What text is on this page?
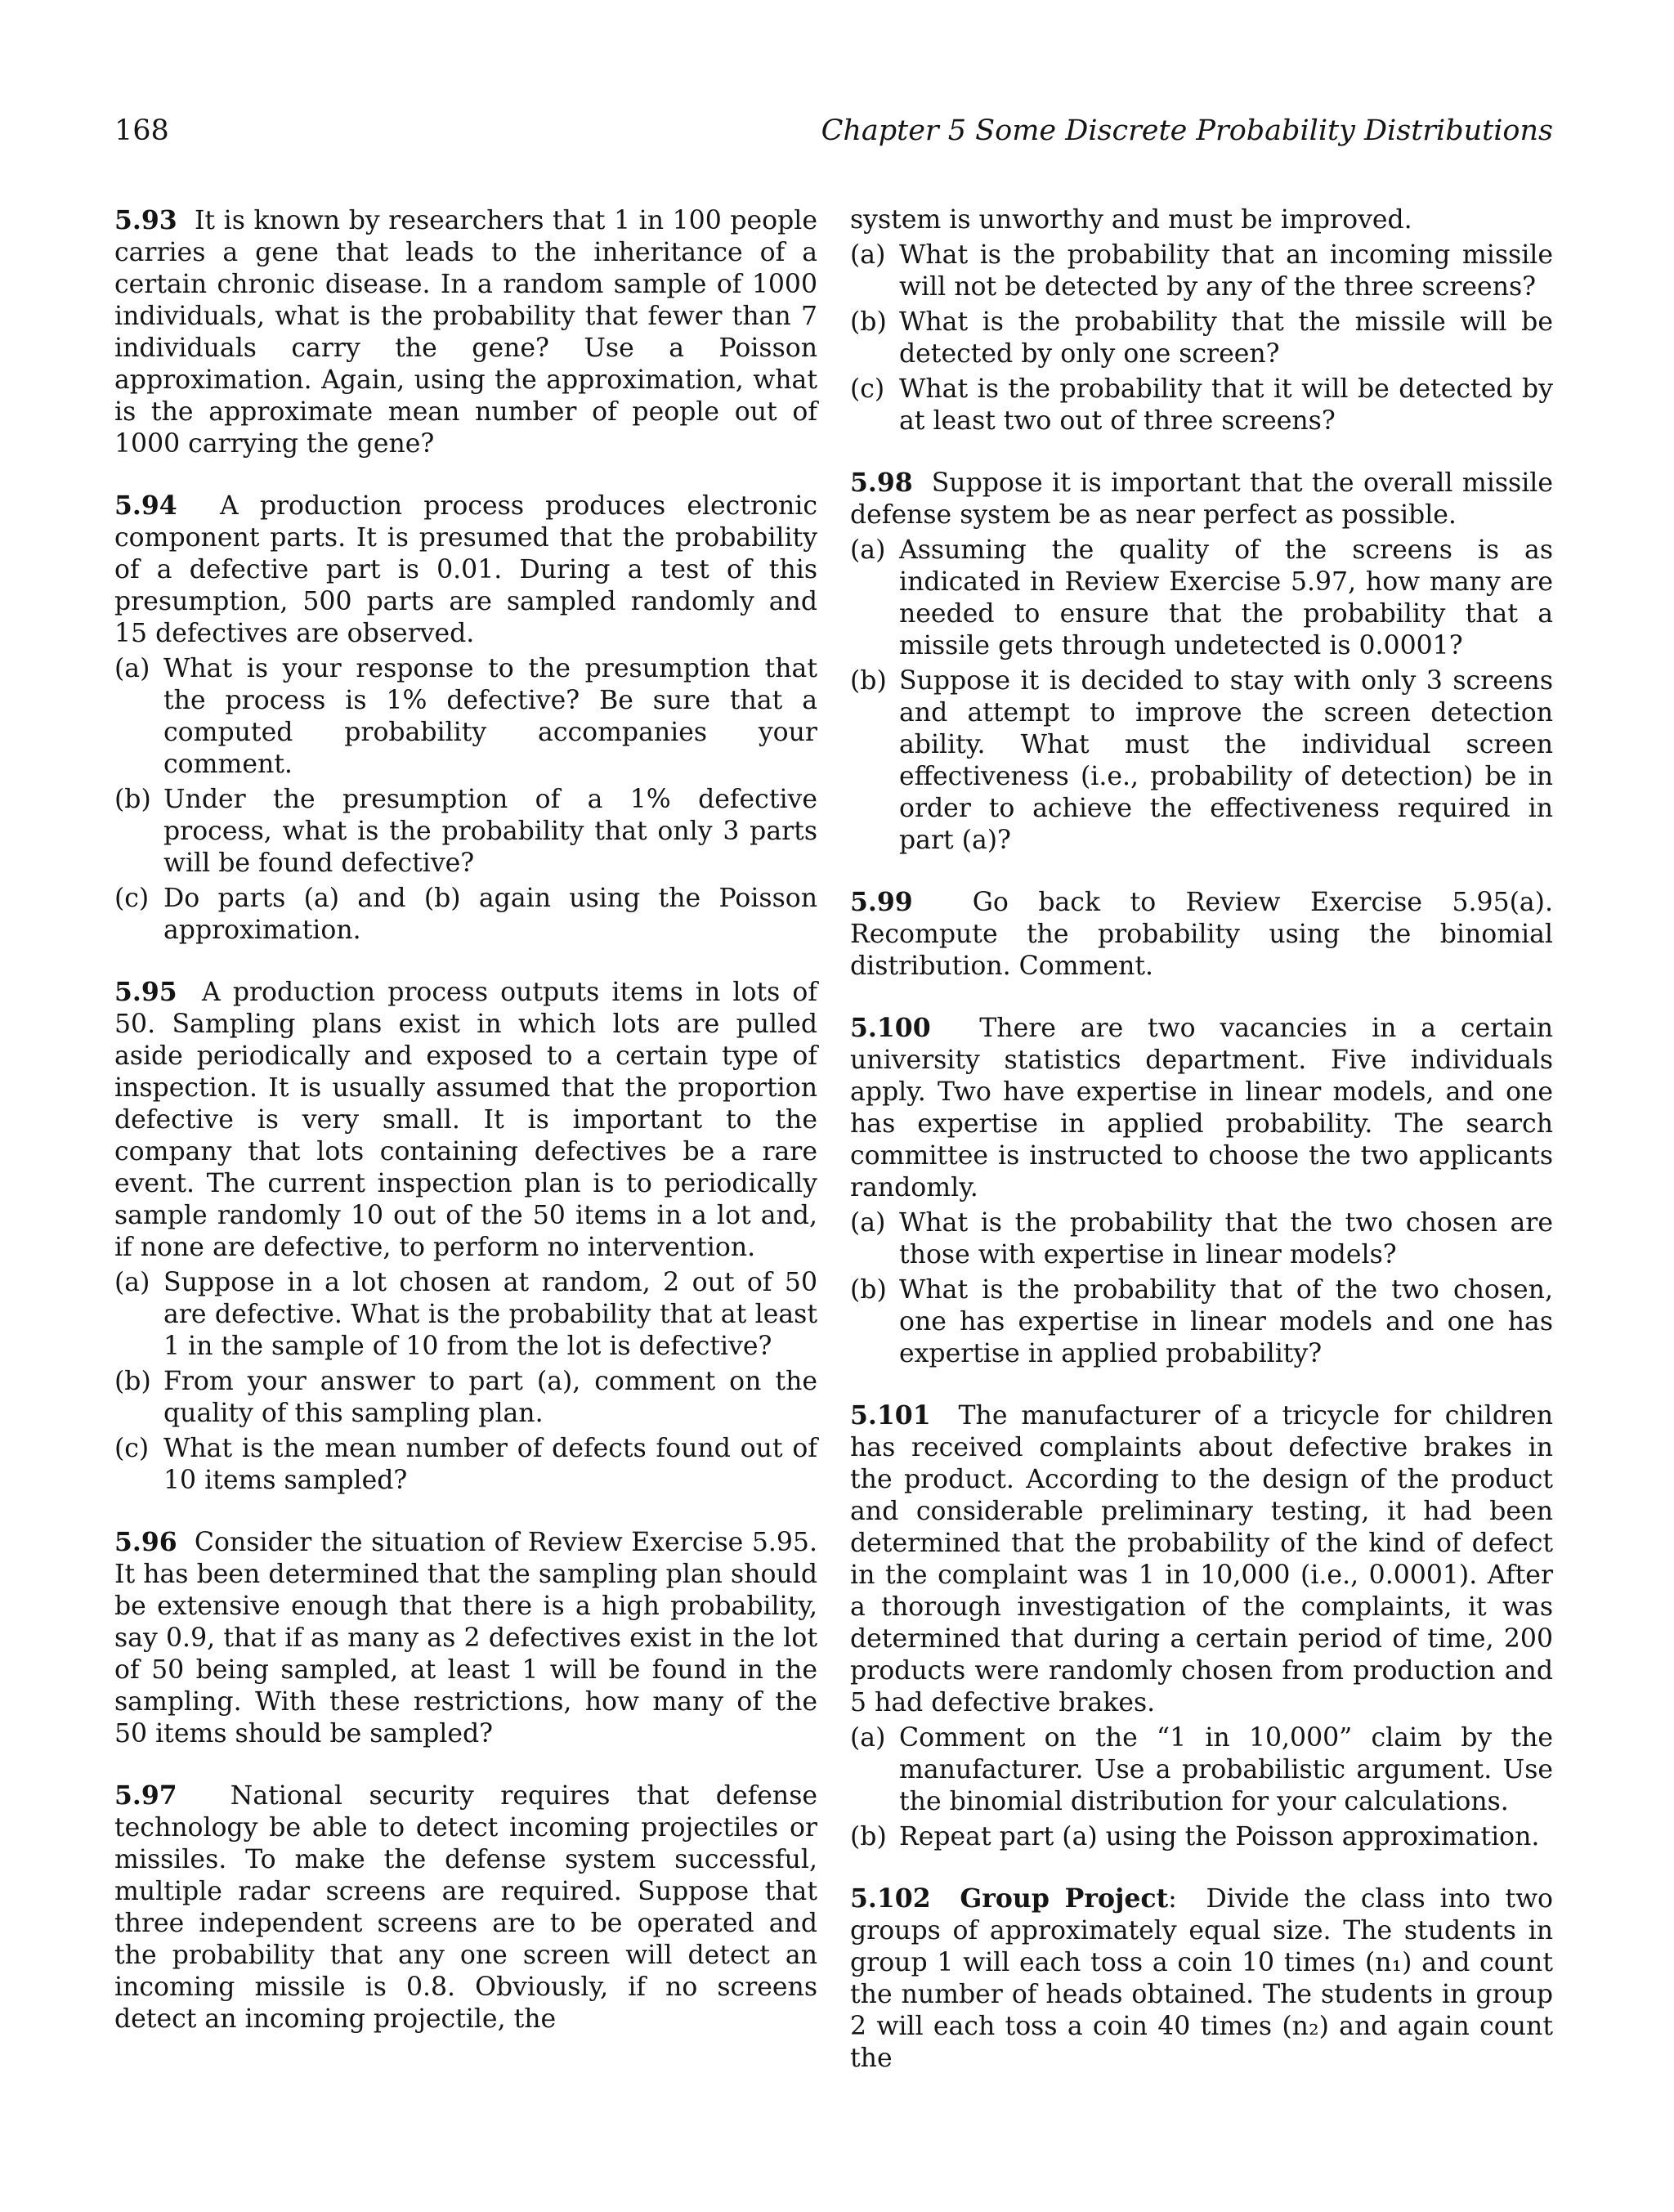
168	Chapter 5 Some Discrete Probability Distributions

5.93 It is known by researchers that 1 in 100 people carries a gene that leads to the inheritance of a certain chronic disease. In a random sample of 1000 individuals, what is the probability that fewer than 7 individuals carry the gene? Use a Poisson approximation. Again, using the approximation, what is the approximate mean number of people out of 1000 carrying the gene?

5.94 A production process produces electronic component parts. It is presumed that the probability of a defective part is 0.01. During a test of this presumption, 500 parts are sampled randomly and 15 defectives are observed.

(a) What is your response to the presumption that the process is 1% defective? Be sure that a computed probability accompanies your comment.
(b) Under the presumption of a 1% defective process, what is the probability that only 3 parts will be found defective?
(c) Do parts (a) and (b) again using the Poisson approximation.

5.95 A production process outputs items in lots of 50. Sampling plans exist in which lots are pulled aside periodically and exposed to a certain type of inspection. It is usually assumed that the proportion defective is very small. It is important to the company that lots containing defectives be a rare event. The current inspection plan is to periodically sample randomly 10 out of the 50 items in a lot and, if none are defective, to perform no intervention.

(a) Suppose in a lot chosen at random, 2 out of 50 are defective. What is the probability that at least 1 in the sample of 10 from the lot is defective?
(b) From your answer to part (a), comment on the quality of this sampling plan.
(c) What is the mean number of defects found out of 10 items sampled?

5.96 Consider the situation of Review Exercise 5.95. It has been determined that the sampling plan should be extensive enough that there is a high probability, say 0.9, that if as many as 2 defectives exist in the lot of 50 being sampled, at least 1 will be found in the sampling. With these restrictions, how many of the 50 items should be sampled?

5.97 National security requires that defense technology be able to detect incoming projectiles or missiles. To make the defense system successful, multiple radar screens are required. Suppose that three independent screens are to be operated and the probability that any one screen will detect an incoming missile is 0.8. Obviously, if no screens detect an incoming projectile, the

system is unworthy and must be improved.

(a) What is the probability that an incoming missile will not be detected by any of the three screens?
(b) What is the probability that the missile will be detected by only one screen?
(c) What is the probability that it will be detected by at least two out of three screens?

5.98 Suppose it is important that the overall missile defense system be as near perfect as possible.

(a) Assuming the quality of the screens is as indicated in Review Exercise 5.97, how many are needed to ensure that the probability that a missile gets through undetected is 0.0001?
(b) Suppose it is decided to stay with only 3 screens and attempt to improve the screen detection ability. What must the individual screen effectiveness (i.e., probability of detection) be in order to achieve the effectiveness required in part (a)?

5.99 Go back to Review Exercise 5.95(a). Recompute the probability using the binomial distribution. Comment.

5.100 There are two vacancies in a certain university statistics department. Five individuals apply. Two have expertise in linear models, and one has expertise in applied probability. The search committee is instructed to choose the two applicants randomly.

(a) What is the probability that the two chosen are those with expertise in linear models?
(b) What is the probability that of the two chosen, one has expertise in linear models and one has expertise in applied probability?

5.101 The manufacturer of a tricycle for children has received complaints about defective brakes in the product. According to the design of the product and considerable preliminary testing, it had been determined that the probability of the kind of defect in the complaint was 1 in 10,000 (i.e., 0.0001). After a thorough investigation of the complaints, it was determined that during a certain period of time, 200 products were randomly chosen from production and 5 had defective brakes.

(a) Comment on the “1 in 10,000” claim by the manufacturer. Use a probabilistic argument. Use the binomial distribution for your calculations.
(b) Repeat part (a) using the Poisson approximation.

5.102 Group Project:  Divide the class into two groups of approximately equal size. The students in group 1 will each toss a coin 10 times (n₁) and count the number of heads obtained. The students in group 2 will each toss a coin 40 times (n₂) and again count the
